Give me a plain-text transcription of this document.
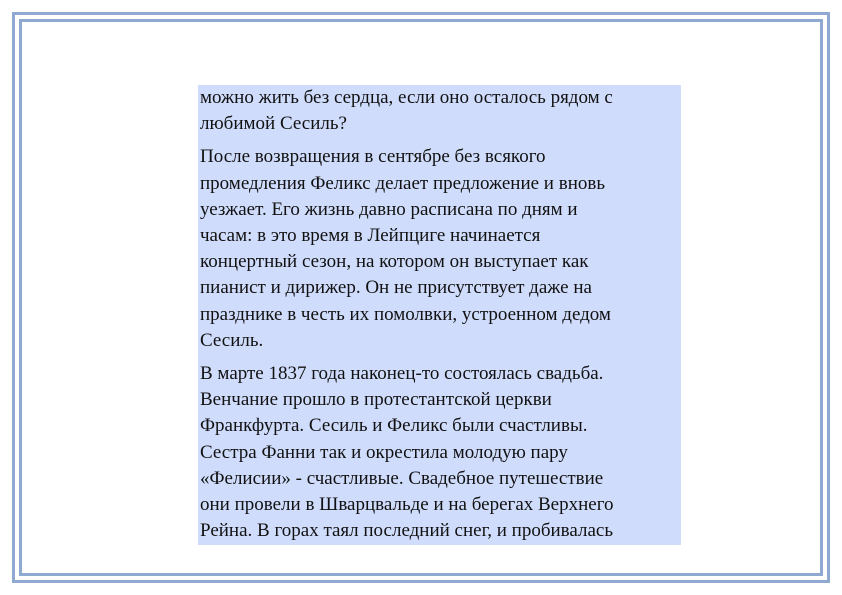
можно жить без сердца, если оно осталось рядом с
любимой Сесиль?

После возвращения в сентябре без всякого
промедления Феликс делает предложение и вновь
уезжает. Его жизнь давно расписана по дням и
часам: в это время в Лейпциге начинается
концертный сезон, на котором он выступает как
пианист и дирижер. Он не присутствует даже на
празднике в честь их помолвки, устроенном дедом
Сесиль.

В марте 1837 года наконец-то состоялась свадьба.
Венчание прошло в протестантской церкви
Франкфурта. Сесиль и Феликс были счастливы.
Сестра Фанни так и окрестила молодую пару
«Фелисии» - счастливые. Свадебное путешествие
они провели в Шварцвальде и на берегах Верхнего
Рейна. В горах таял последний снег, и пробивалась
